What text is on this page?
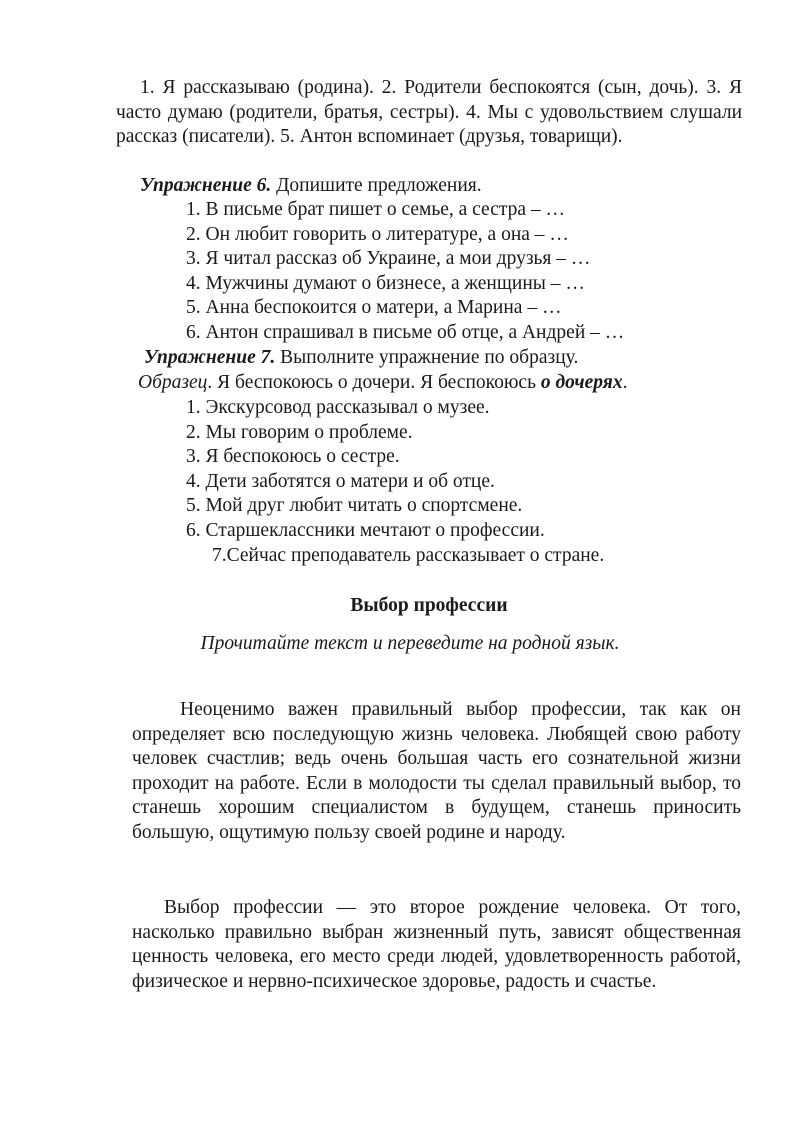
1. Я рассказываю (родина). 2. Родители беспокоятся (сын, дочь). 3. Я часто думаю (родители, братья, сестры). 4. Мы с удовольствием слушали рассказ (писатели). 5. Антон вспоминает (друзья, товарищи).

Упражнение 6. Допишите предложения.
1. В письме брат пишет о семье, а сестра – …
2. Он любит говорить о литературе, а она – …
3. Я читал рассказ об Украине, а мои друзья – …
4. Мужчины думают о бизнесе, а женщины – …
5. Анна беспокоится о матери, а Марина – …
6. Антон спрашивал в письме об отце, а Андрей – …
Упражнение 7. Выполните упражнение по образцу.
Образец. Я беспокоюсь о дочери. Я беспокоюсь о дочерях.
1. Экскурсовод рассказывал о музее.
2. Мы говорим о проблеме.
3. Я беспокоюсь о сестре.
4. Дети заботятся о матери и об отце.
5. Мой друг любит читать о спортсмене.
6. Старшеклассники мечтают о профессии.
7.Сейчас преподаватель рассказывает о стране.
Выбор профессии
Прочитайте текст и переведите на родной язык.

Неоценимо важен правильный выбор профессии, так как он определяет всю последующую жизнь человека. Любящей свою работу человек счастлив; ведь очень большая часть его сознательной жизни проходит на работе. Если в молодости ты сделал правильный выбор, то станешь хорошим специалистом в будущем, станешь приносить большую, ощутимую пользу своей родине и народу.

Выбор профессии — это второе рождение человека. От того, насколько правильно выбран жизненный путь, зависят общественная ценность человека, его место среди людей, удовлетворенность работой, физическое и нервно-психическое здоровье, радость и счастье.
